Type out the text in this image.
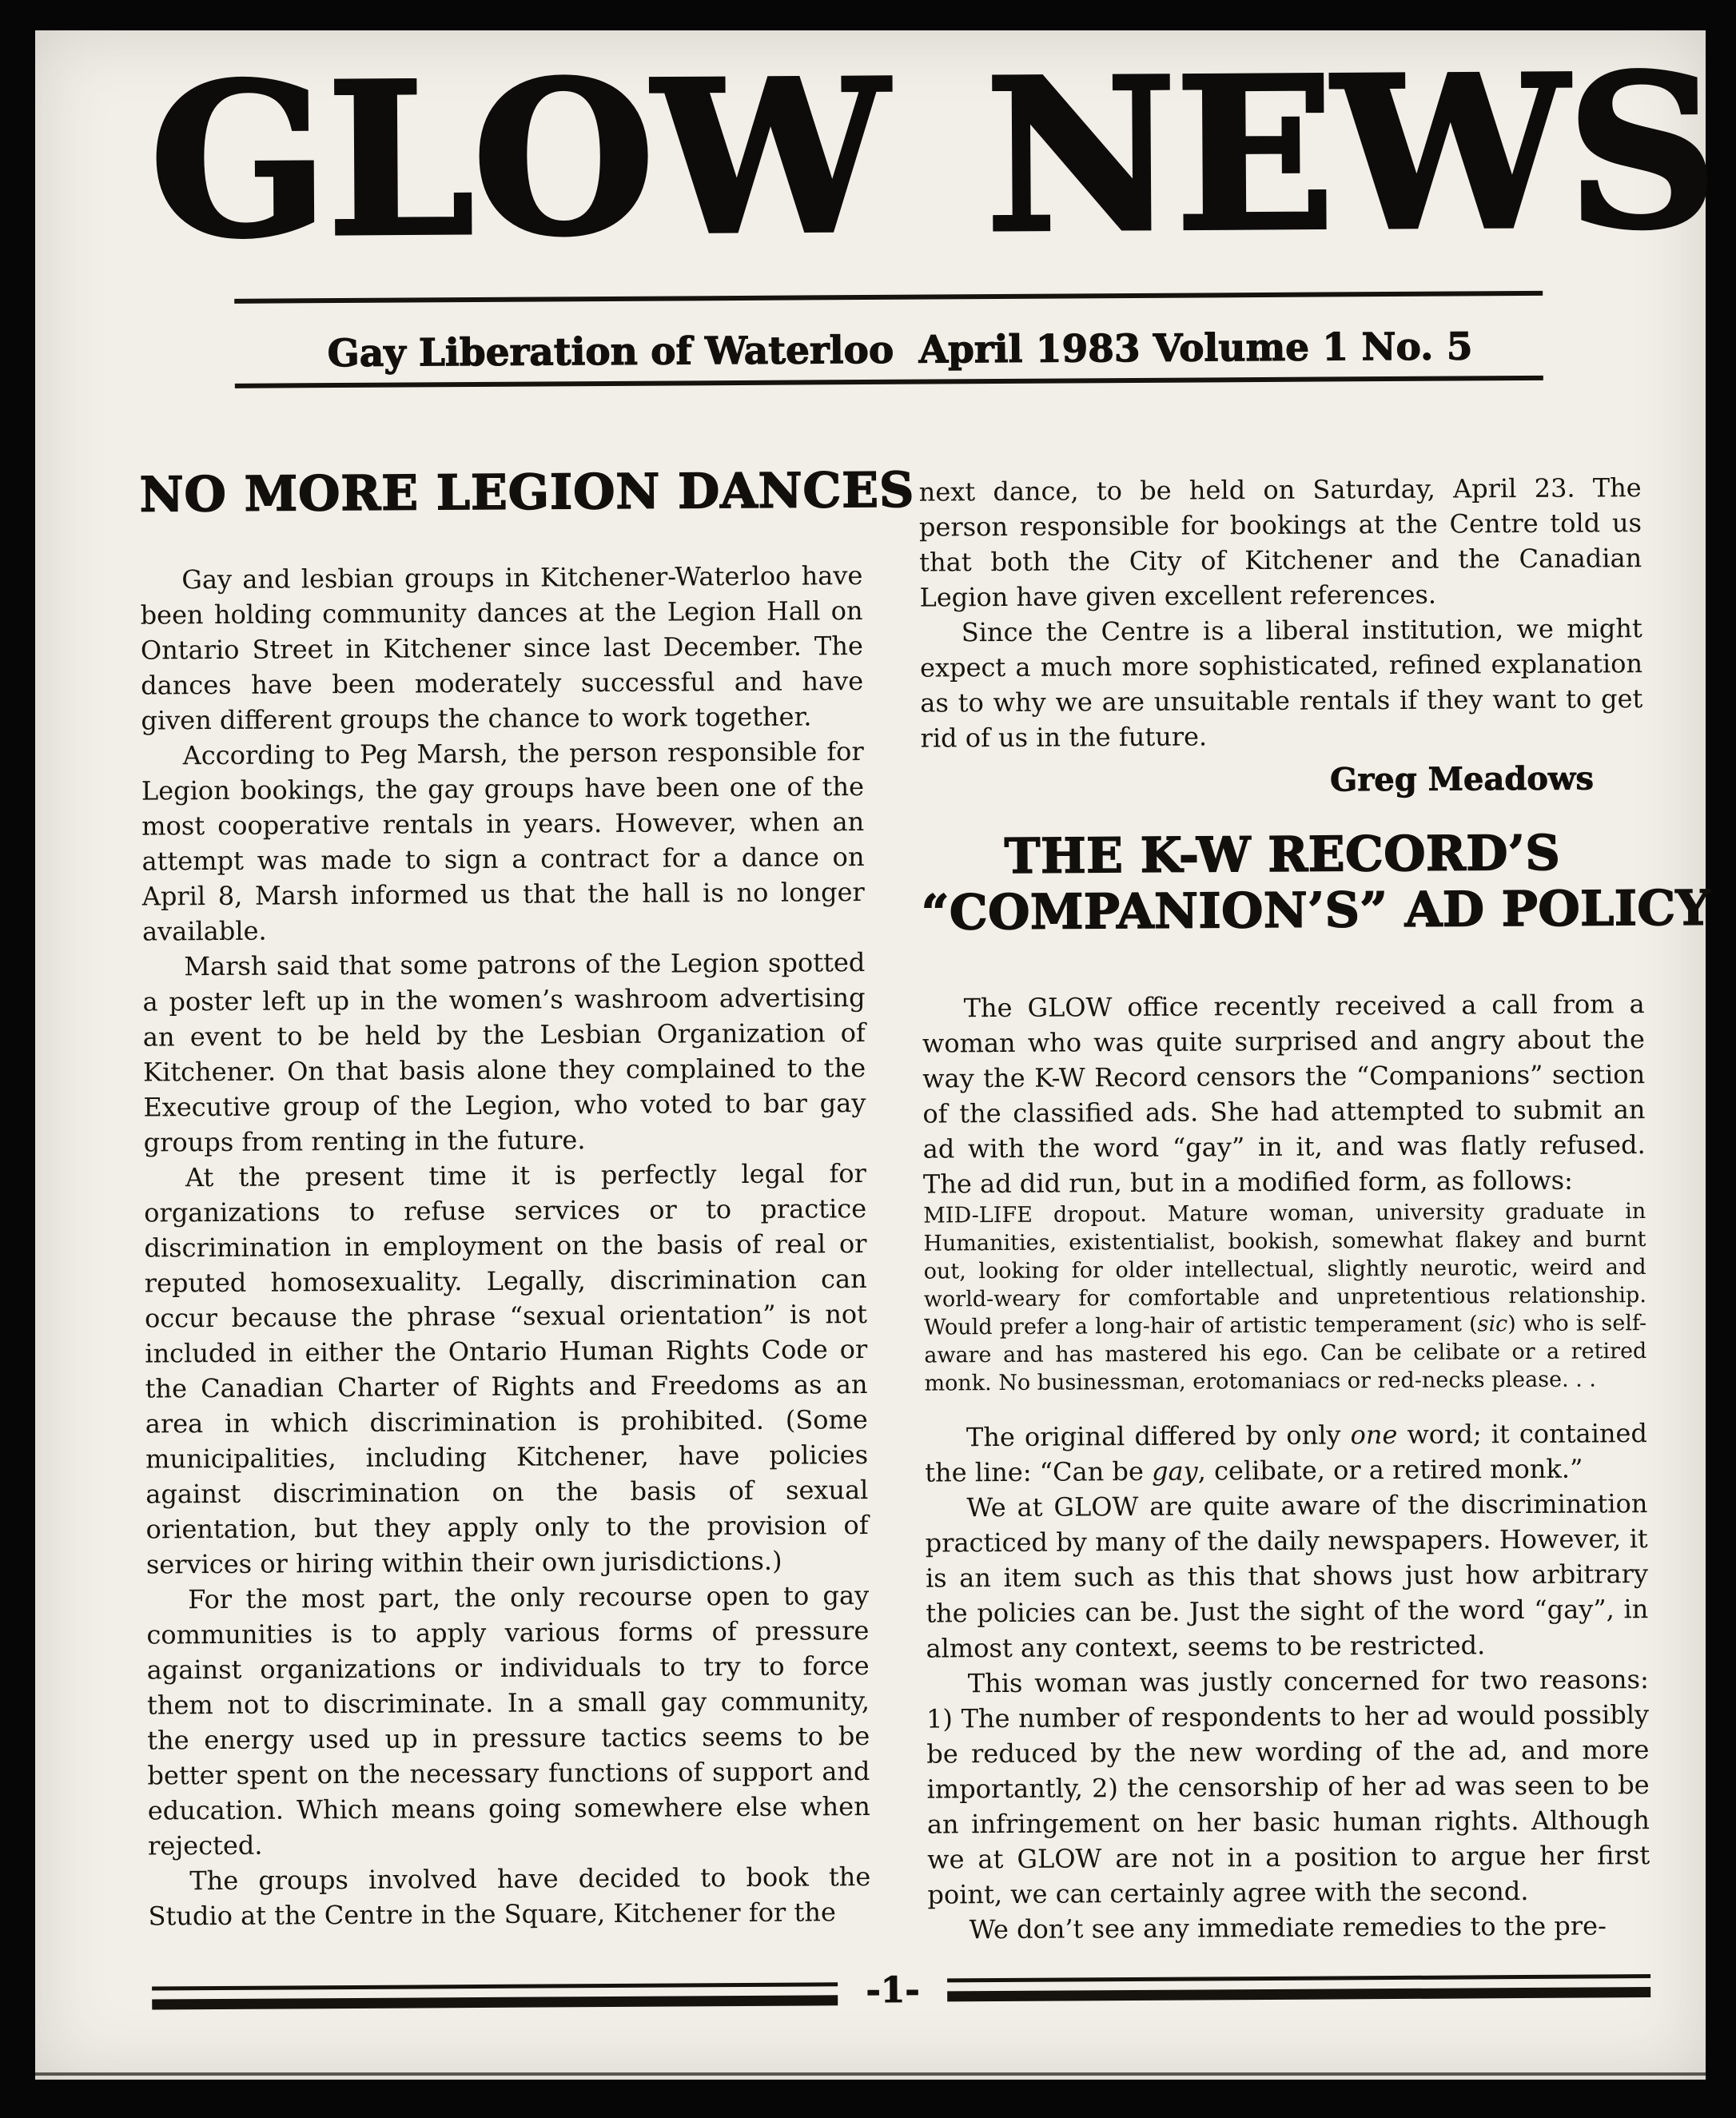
GLOW NEWS
Gay Liberation of Waterloo April 1983 Volume 1 No. 5
NO MORE LEGION DANCES

Gay and lesbian groups in Kitchener-Waterloo have been holding community dances at the Legion Hall on Ontario Street in Kitchener since last December. The dances have been moderately successful and have given different groups the chance to work together.

According to Peg Marsh, the person responsible for Legion bookings, the gay groups have been one of the most cooperative rentals in years. However, when an attempt was made to sign a contract for a dance on April 8, Marsh informed us that the hall is no longer available.

Marsh said that some patrons of the Legion spotted a poster left up in the women’s washroom advertising an event to be held by the Lesbian Organization of Kitchener. On that basis alone they complained to the Executive group of the Legion, who voted to bar gay groups from renting in the future.

At the present time it is perfectly legal for organizations to refuse services or to practice discrimination in employment on the basis of real or reputed homosexuality. Legally, discrimination can occur because the phrase “sexual orientation” is not included in either the Ontario Human Rights Code or the Canadian Charter of Rights and Freedoms as an area in which discrimination is prohibited. (Some municipalities, including Kitchener, have policies against discrimination on the basis of sexual orientation, but they apply only to the provision of services or hiring within their own jurisdictions.)

For the most part, the only recourse open to gay communities is to apply various forms of pressure against organizations or individuals to try to force them not to discriminate. In a small gay community, the energy used up in pressure tactics seems to be better spent on the necessary functions of support and education. Which means going somewhere else when rejected.

The groups involved have decided to book the Studio at the Centre in the Square, Kitchener for the

next dance, to be held on Saturday, April 23. The person responsible for bookings at the Centre told us that both the City of Kitchener and the Canadian Legion have given excellent references.

Since the Centre is a liberal institution, we might expect a much more sophisticated, refined explanation as to why we are unsuitable rentals if they want to get rid of us in the future.

Greg Meadows
THE K-W RECORD’S
“COMPANION’S” AD POLICY

The GLOW office recently received a call from a woman who was quite surprised and angry about the way the K-W Record censors the “Companions” section of the classified ads. She had attempted to submit an ad with the word “gay” in it, and was flatly refused. The ad did run, but in a modified form, as follows:

MID-LIFE dropout. Mature woman, university graduate in Humanities, existentialist, bookish, somewhat flakey and burnt out, looking for older intellectual, slightly neurotic, weird and world-weary for comfortable and unpretentious relationship. Would prefer a long-hair of artistic temperament (sic) who is self-aware and has mastered his ego. Can be celibate or a retired monk. No businessman, erotomaniacs or red-necks please. . .

The original differed by only one word; it contained the line: “Can be gay, celibate, or a retired monk.”

We at GLOW are quite aware of the discrimination practiced by many of the daily newspapers. However, it is an item such as this that shows just how arbitrary the policies can be. Just the sight of the word “gay”, in almost any context, seems to be restricted.

This woman was justly concerned for two reasons: 1) The number of respondents to her ad would possibly be reduced by the new wording of the ad, and more importantly, 2) the censorship of her ad was seen to be an infringement on her basic human rights. Although we at GLOW are not in a position to argue her first point, we can certainly agree with the second.

We don’t see any immediate remedies to the pre-

-1-
